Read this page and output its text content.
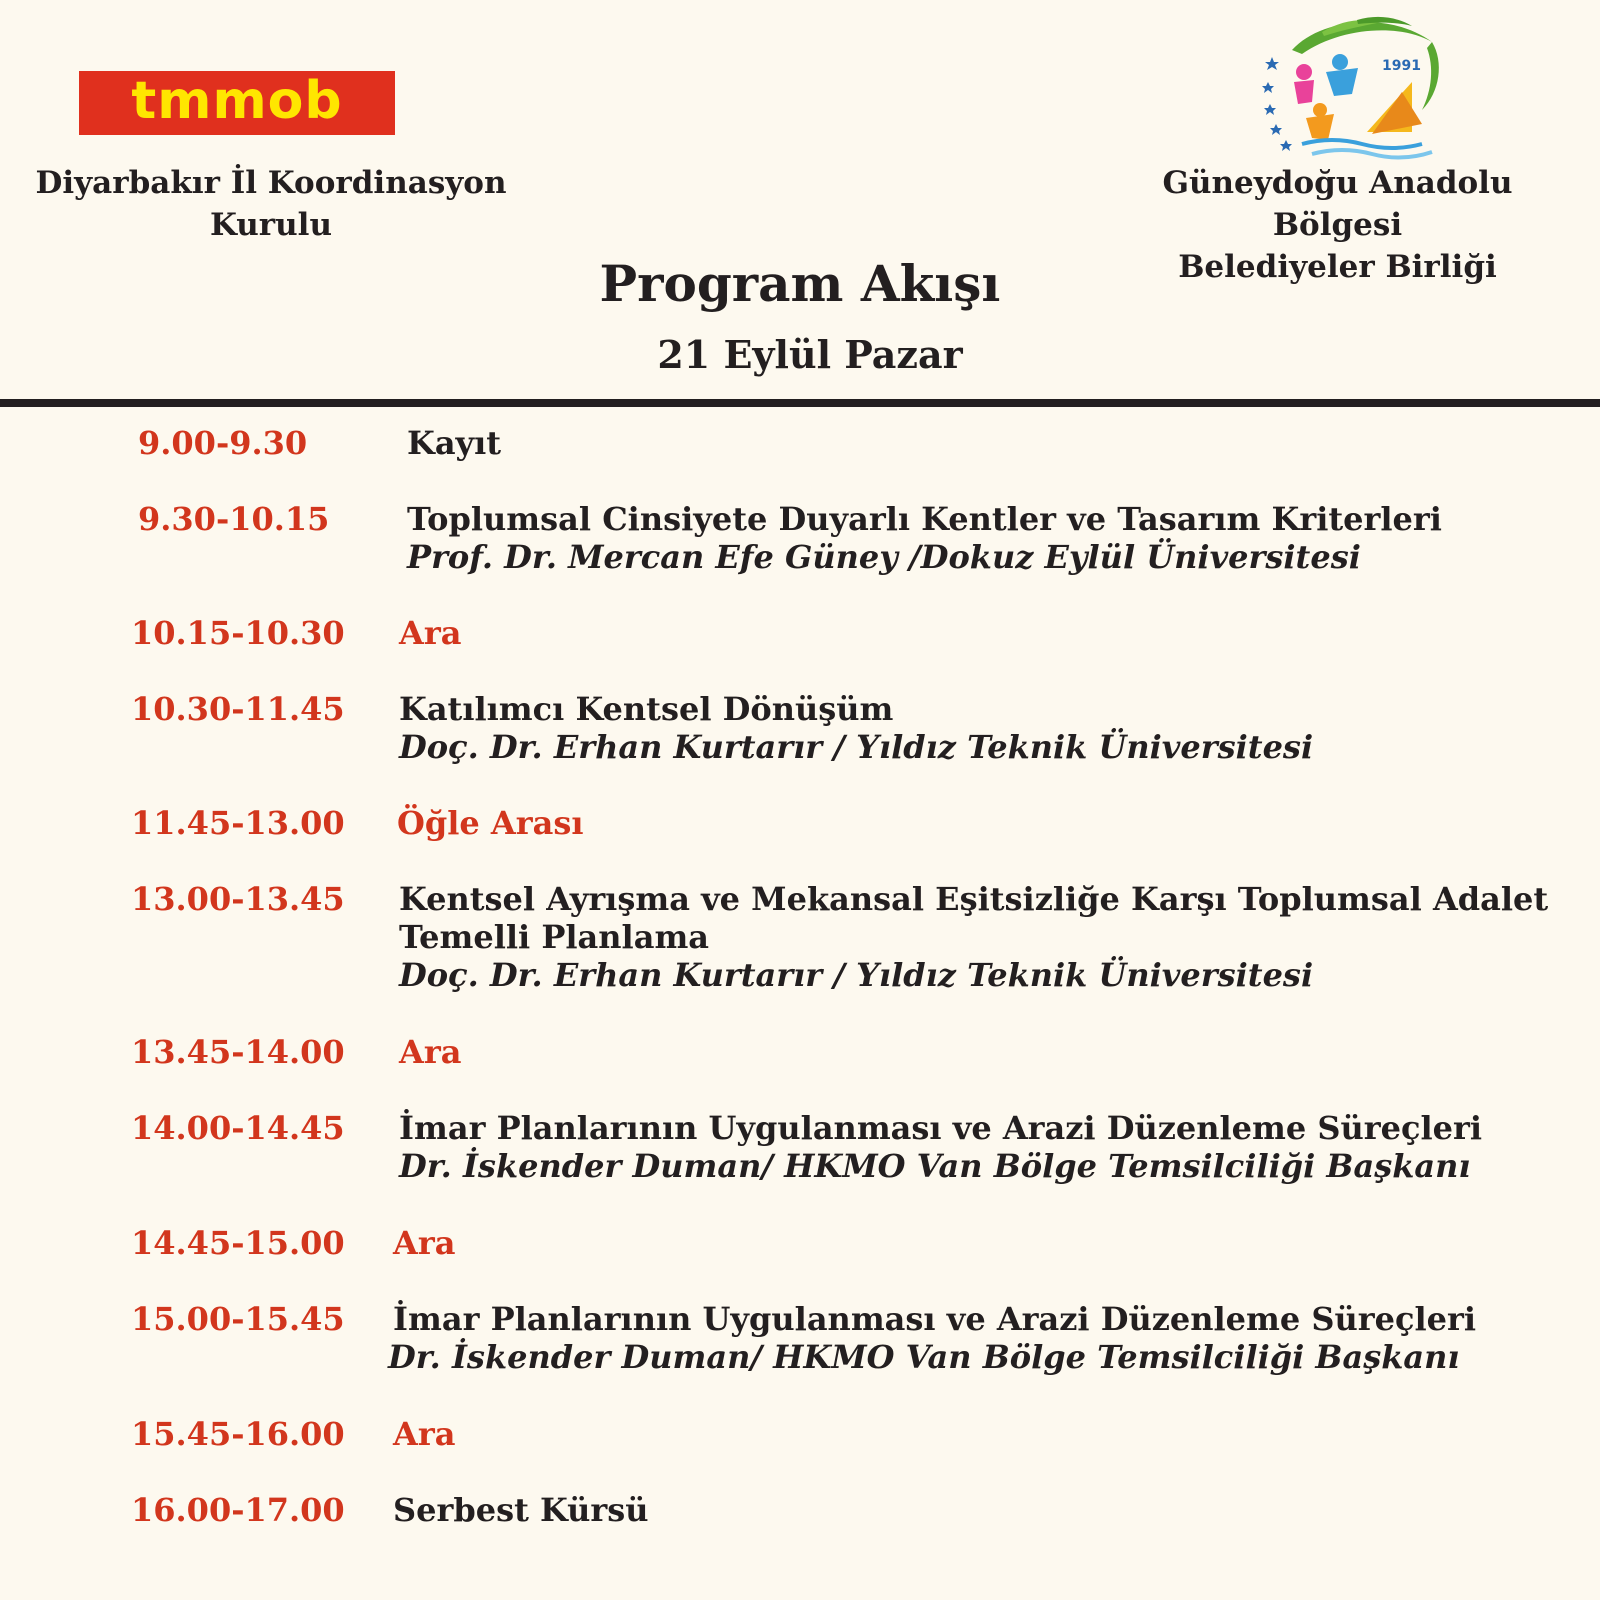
tmmob
Diyarbakır İl Koordinasyon
Kurulu
1991
Güneydoğu Anadolu Bölgesi
Belediyeler Birliği
Program Akışı
21 Eylül Pazar
9.00-9.30	Kayıt
9.30-10.15 Toplumsal Cinsiyete Duyarlı Kentler ve Tasarım Kriterleri
Prof. Dr. Mercan Efe Güney /Dokuz Eylül Üniversitesi
10.15-10.30 Ara
10.30-11.45 Katılımcı Kentsel Dönüşüm
Doç. Dr. Erhan Kurtarır / Yıldız Teknik Üniversitesi
11.45-13.00 Öğle Arası
13.00-13.45 Kentsel Ayrışma ve Mekansal Eşitsizliğe Karşı Toplumsal Adalet
Temelli Planlama
Doç. Dr. Erhan Kurtarır / Yıldız Teknik Üniversitesi
13.45-14.00 Ara
14.00-14.45 İmar Planlarının Uygulanması ve Arazi Düzenleme Süreçleri
Dr. İskender Duman/ HKMO Van Bölge Temsilciliği Başkanı
14.45-15.00 Ara
15.00-15.45 İmar Planlarının Uygulanması ve Arazi Düzenleme Süreçleri
Dr. İskender Duman/ HKMO Van Bölge Temsilciliği Başkanı
15.45-16.00 Ara
16.00-17.00 Serbest Kürsü
